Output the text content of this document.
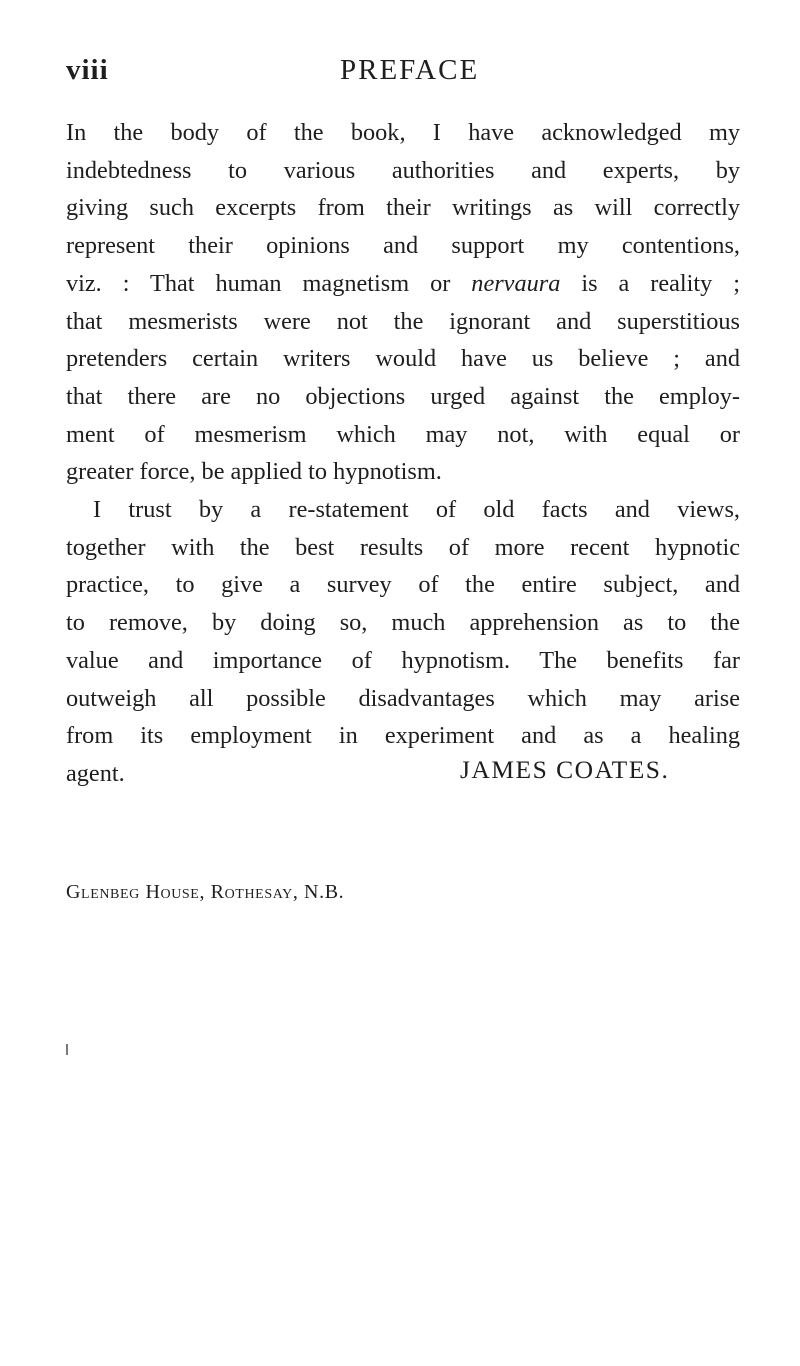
viii	PREFACE
In the body of the book, I have acknowledged my
indebtedness to various authorities and experts, by
giving such excerpts from their writings as will correctly
represent their opinions and support my contentions,
viz. : That human magnetism or nervaura is a reality ;
that mesmerists were not the ignorant and superstitious
pretenders certain writers would have us believe ; and
that there are no objections urged against the employ-
ment of mesmerism which may not, with equal or
greater force, be applied to hypnotism.
I trust by a re-statement of old facts and views,
together with the best results of more recent hypnotic
practice, to give a survey of the entire subject, and
to remove, by doing so, much apprehension as to the
value and importance of hypnotism. The benefits far
outweigh all possible disadvantages which may arise
from its employment in experiment and as a healing
agent.	JAMES COATES.
Glenbeg House, Rothesay, N.B.
